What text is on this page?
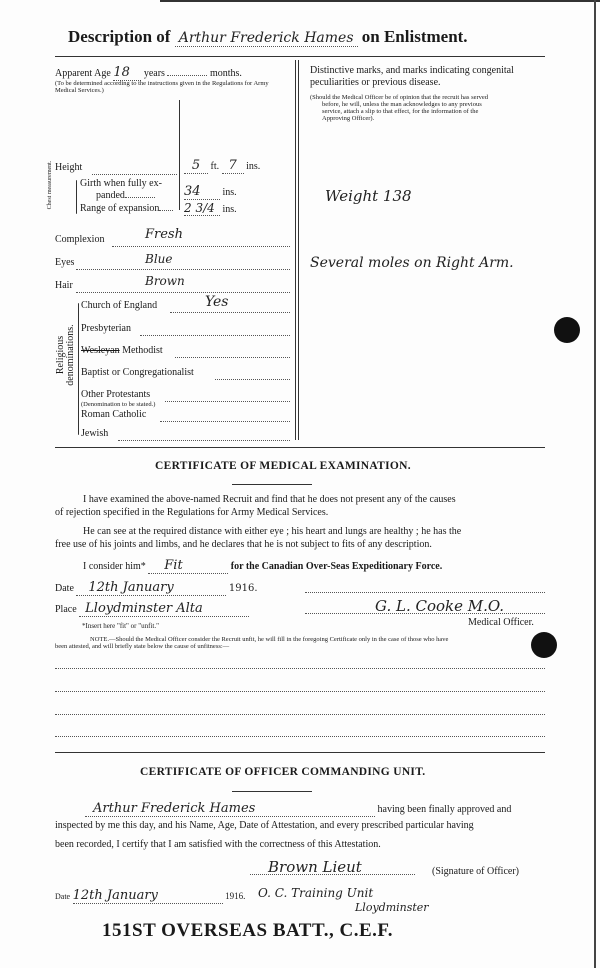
Description of Arthur Frederick Hames on Enlistment.
Apparent Age 18 years	months.
(To be determined according to the instructions given in the Regulations for Army Medical Services.)
Height	5 ft. 7 ins.
Chest measurement.	Girth when fully ex-
panded	34 ins.
Range of expansion	2 3/4 ins.
Complexion	Fresh
Eyes	Blue
Hair	Brown
Religious denominations.
Church of England	Yes
Presbyterian
Wesleyan Methodist
Baptist or Congregationalist
Other Protestants
(Denomination to be stated.)
Roman Catholic
Jewish
Distinctive marks, and marks indicating congenital
peculiarities or previous disease.
(Should the Medical Officer be of opinion that the recruit has served
before, he will, unless the man acknowledges to any previous
service, attach a slip to that effect, for the information of the
Approving Officer).
Weight 138
Several moles on Right Arm.
CERTIFICATE OF MEDICAL EXAMINATION.
I have examined the above-named Recruit and find that he does not present any of the causes
of rejection specified in the Regulations for Army Medical Services.
He can see at the required distance with either eye ; his heart and lungs are healthy ; he has the
free use of his joints and limbs, and he declares that he is not subject to fits of any description.
I consider him* Fit	for the Canadian Over-Seas Expeditionary Force.
Date 12th January	1916.
Place Lloydminster Alta	G. L. Cooke M.O.
Medical Officer.
*Insert here "fit" or "unfit."
NOTE.—Should the Medical Officer consider the Recruit unfit, he will fill in the foregoing Certificate only in the case of those who have
been attested, and will briefly state below the cause of unfitness:—
CERTIFICATE OF OFFICER COMMANDING UNIT.
Arthur Frederick Hames	having been finally approved and
inspected by me this day, and his Name, Age, Date of Attestation, and every prescribed particular having
been recorded, I certify that I am satisfied with the correctness of this Attestation.
Brown Lieut	(Signature of Officer)
Date 12th January	1916. O. C. Training Unit
Lloydminster
151ST OVERSEAS BATT., C.E.F.
